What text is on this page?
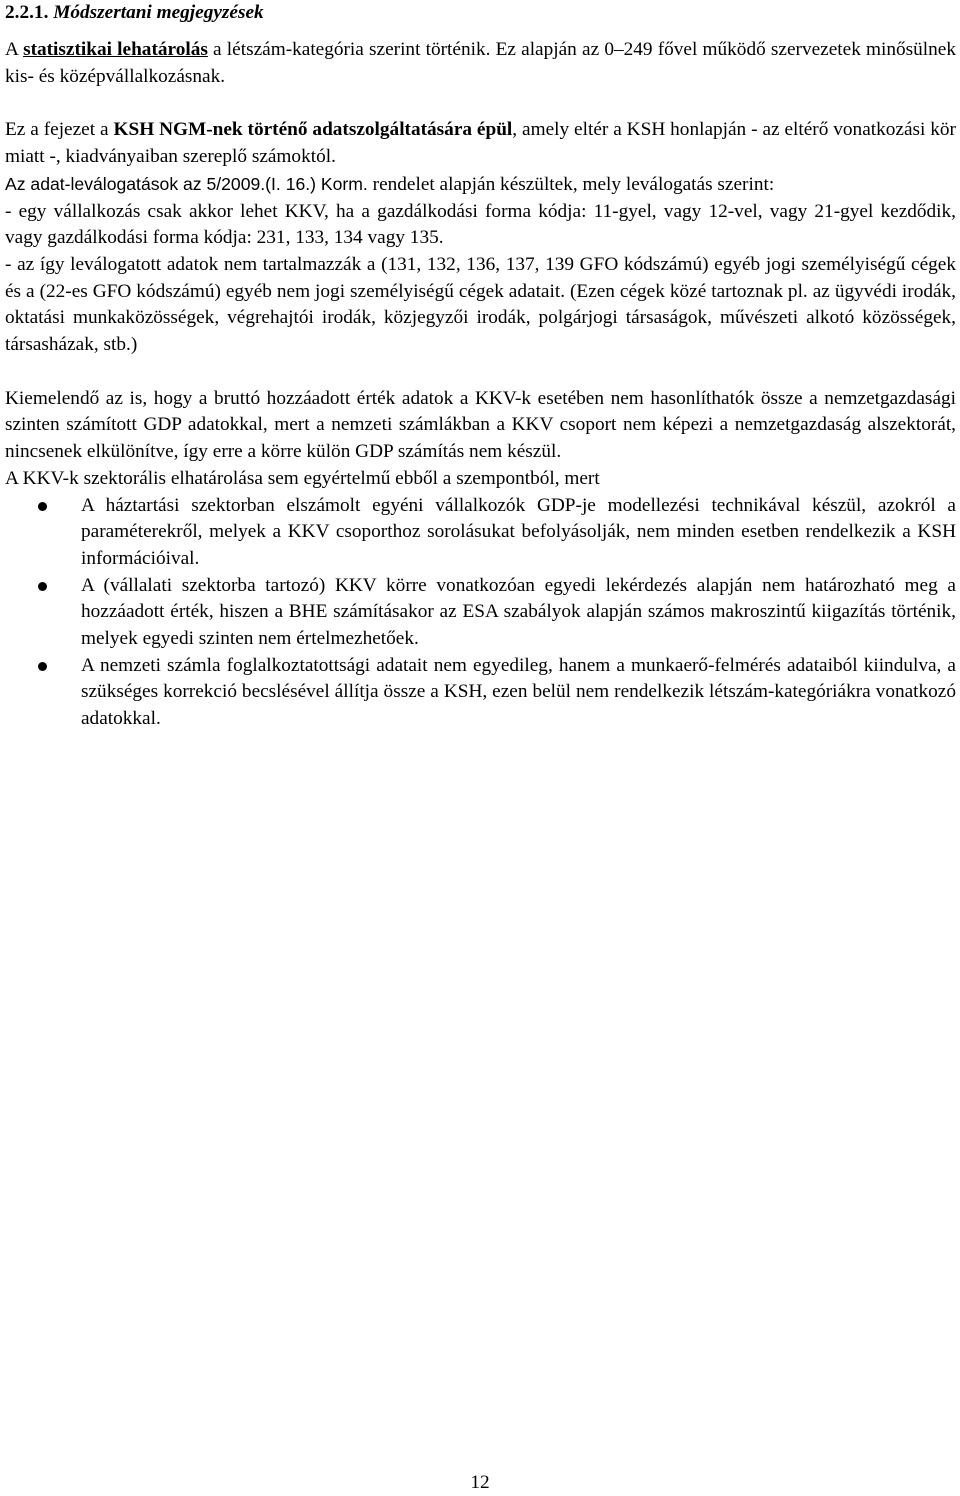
2.2.1. Módszertani megjegyzések

A statisztikai lehatárolás a létszám-kategória szerint történik. Ez alapján az 0–249 fővel működő szervezetek minősülnek kis- és középvállalkozásnak.

Ez a fejezet a KSH NGM-nek történő adatszolgáltatására épül, amely eltér a KSH honlapján - az eltérő vonatkozási kör miatt -, kiadványaiban szereplő számoktól.

Az adat-leválogatások az 5/2009.(I. 16.) Korm. rendelet alapján készültek, mely leválogatás szerint:

- egy vállalkozás csak akkor lehet KKV, ha a gazdálkodási forma kódja: 11-gyel, vagy 12-vel, vagy 21-gyel kezdődik, vagy gazdálkodási forma kódja: 231, 133, 134 vagy 135.

- az így leválogatott adatok nem tartalmazzák a (131, 132, 136, 137, 139 GFO kódszámú) egyéb jogi személyiségű cégek és a (22-es GFO kódszámú) egyéb nem jogi személyiségű cégek adatait. (Ezen cégek közé tartoznak pl. az ügyvédi irodák, oktatási munkaközösségek, végrehajtói irodák, közjegyzői irodák, polgárjogi társaságok, művészeti alkotó közösségek, társasházak, stb.)

Kiemelendő az is, hogy a bruttó hozzáadott érték adatok a KKV-k esetében nem hasonlíthatók össze a nemzetgazdasági szinten számított GDP adatokkal, mert a nemzeti számlákban a KKV csoport nem képezi a nemzetgazdaság alszektorát, nincsenek elkülönítve, így erre a körre külön GDP számítás nem készül.

A KKV-k szektorális elhatárolása sem egyértelmű ebből a szempontból, mert

A háztartási szektorban elszámolt egyéni vállalkozók GDP-je modellezési technikával készül, azokról a paraméterekről, melyek a KKV csoporthoz sorolásukat befolyásolják, nem minden esetben rendelkezik a KSH információival.
A (vállalati szektorba tartozó) KKV körre vonatkozóan egyedi lekérdezés alapján nem határozható meg a hozzáadott érték, hiszen a BHE számításakor az ESA szabályok alapján számos makroszintű kiigazítás történik, melyek egyedi szinten nem értelmezhetőek.
A nemzeti számla foglalkoztatottsági adatait nem egyedileg, hanem a munkaerő-felmérés adataiból kiindulva, a szükséges korrekció becslésével állítja össze a KSH, ezen belül nem rendelkezik létszám-kategóriákra vonatkozó adatokkal.
12
